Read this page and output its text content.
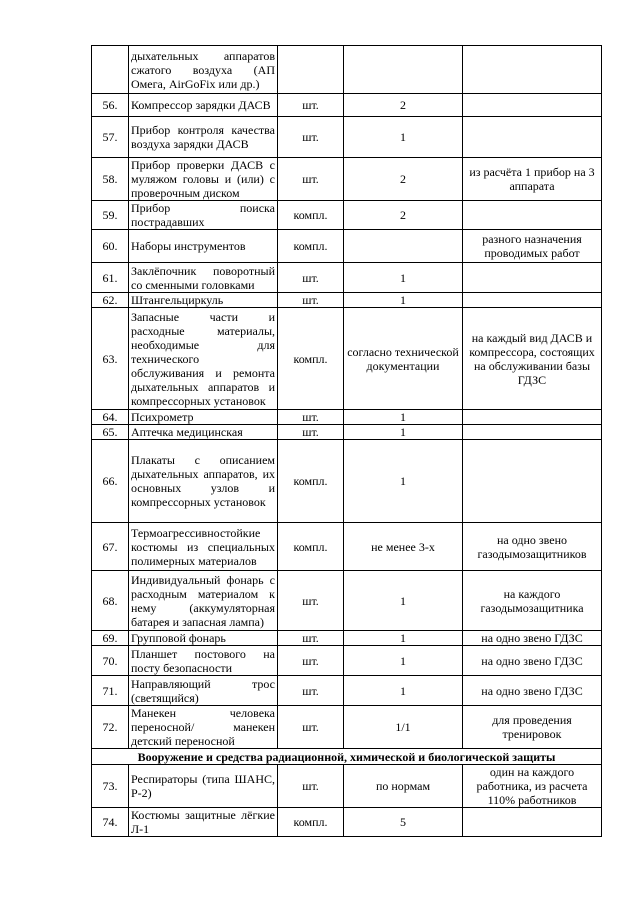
	дыхательных аппаратов сжатого воздуха (АП Омега, AirGoFix или др.)			
56.	Компрессор зарядки ДАСВ	шт.	2	
57.	Прибор контроля качества воздуха зарядки ДАСВ	шт.	1	
58.	Прибор проверки ДАСВ с муляжом головы и (или) с проверочным диском	шт.	2	из расчёта 1 прибор на 3 аппарата
59.	Прибор поиска пострадавших	компл.	2	
60.	Наборы инструментов	компл.		разного назначения проводимых работ
61.	Заклёпочник поворотный со сменными головками	шт.	1	
62.	Штангельциркуль	шт.	1	
63.	Запасные части и расходные материалы, необходимые для технического обслуживания и ремонта дыхательных аппаратов и компрессорных установок	компл.	согласно технической документации	на каждый вид ДАСВ и компрессора, состоящих на обслуживании базы ГДЗС
64.	Психрометр	шт.	1	
65.	Аптечка медицинская	шт.	1	
66.	Плакаты с описанием дыхательных аппаратов, их основных узлов и компрессорных установок	компл.	1	
67.	Термоагрессивностойкие костюмы из специальных полимерных материалов	компл.	не менее 3-х	на одно звено газодымозащитников
68.	Индивидуальный фонарь с расходным материалом к нему (аккумуляторная батарея и запасная лампа)	шт.	1	на каждого газодымозащитника
69.	Групповой фонарь	шт.	1	на одно звено ГДЗС
70.	Планшет постового на посту безопасности	шт.	1	на одно звено ГДЗС
71.	Направляющий трос (светящийся)	шт.	1	на одно звено ГДЗС
72.	Манекен человека переносной/ манекен детский переносной	шт.	1/1	для проведения тренировок
Вооружение и средства радиационной, химической и биологической защиты				
73.	Респираторы (типа ШАНС, Р-2)	шт.	по нормам	один на каждого работника, из расчета 110% работников
74.	Костюмы защитные лёгкие Л-1	компл.	5	
